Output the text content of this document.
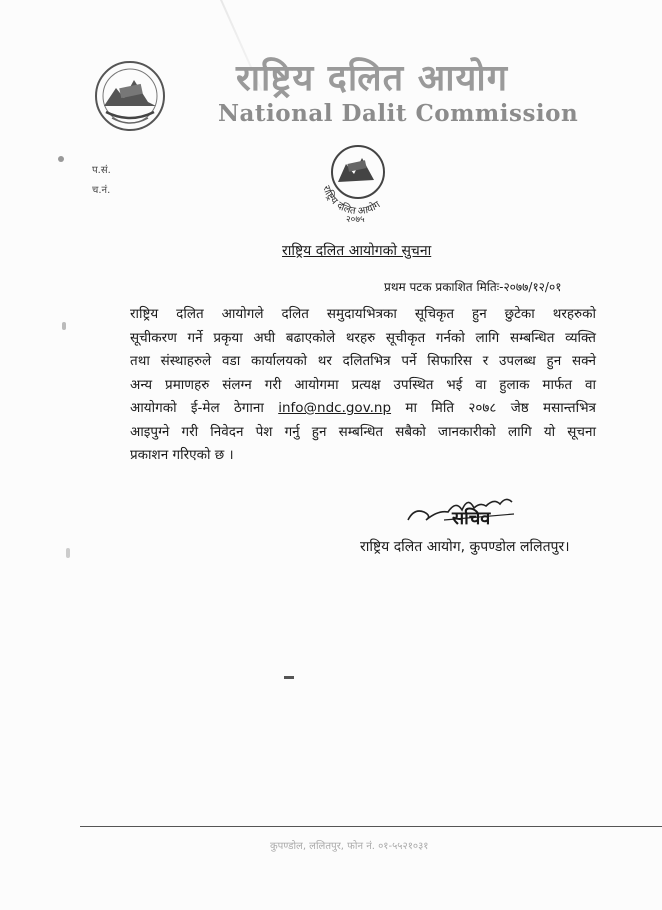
राष्ट्रिय दलित आयोग
National Dalit Commission
राष्ट्रिय दलित आयोग
२०७५
प.सं.
च.नं.
राष्ट्रिय दलित आयोगको सुचना
प्रथम पटक प्रकाशित मितिः-२०७७/१२/०१
राष्ट्रिय दलित आयोगले दलित समुदायभित्रका सूचिकृत हुन छुटेका थरहरुको
सूचीकरण गर्ने प्रकृया अघी बढाएकोले थरहरु सूचीकृत गर्नको लागि सम्बन्धित व्यक्ति
तथा संस्थाहरुले वडा कार्यालयको थर दलितभित्र पर्ने सिफारिस र उपलब्ध हुन सक्ने
अन्य प्रमाणहरु संलग्न गरी आयोगमा प्रत्यक्ष उपस्थित भई वा हुलाक मार्फत वा
आयोगको ई-मेल ठेगाना info@ndc.gov.np मा मिति २०७८ जेष्ठ मसान्तभित्र
आइपुग्ने गरी निवेदन पेश गर्नु हुन सम्बन्धित सबैको जानकारीको लागि यो सूचना
प्रकाशन गरिएको छ ।
सचिव
राष्ट्रिय दलित आयोग, कुपण्डोल ललितपुर।
कुपण्डोल, ललितपुर, फोन नं. ०१-५५२१०३१
